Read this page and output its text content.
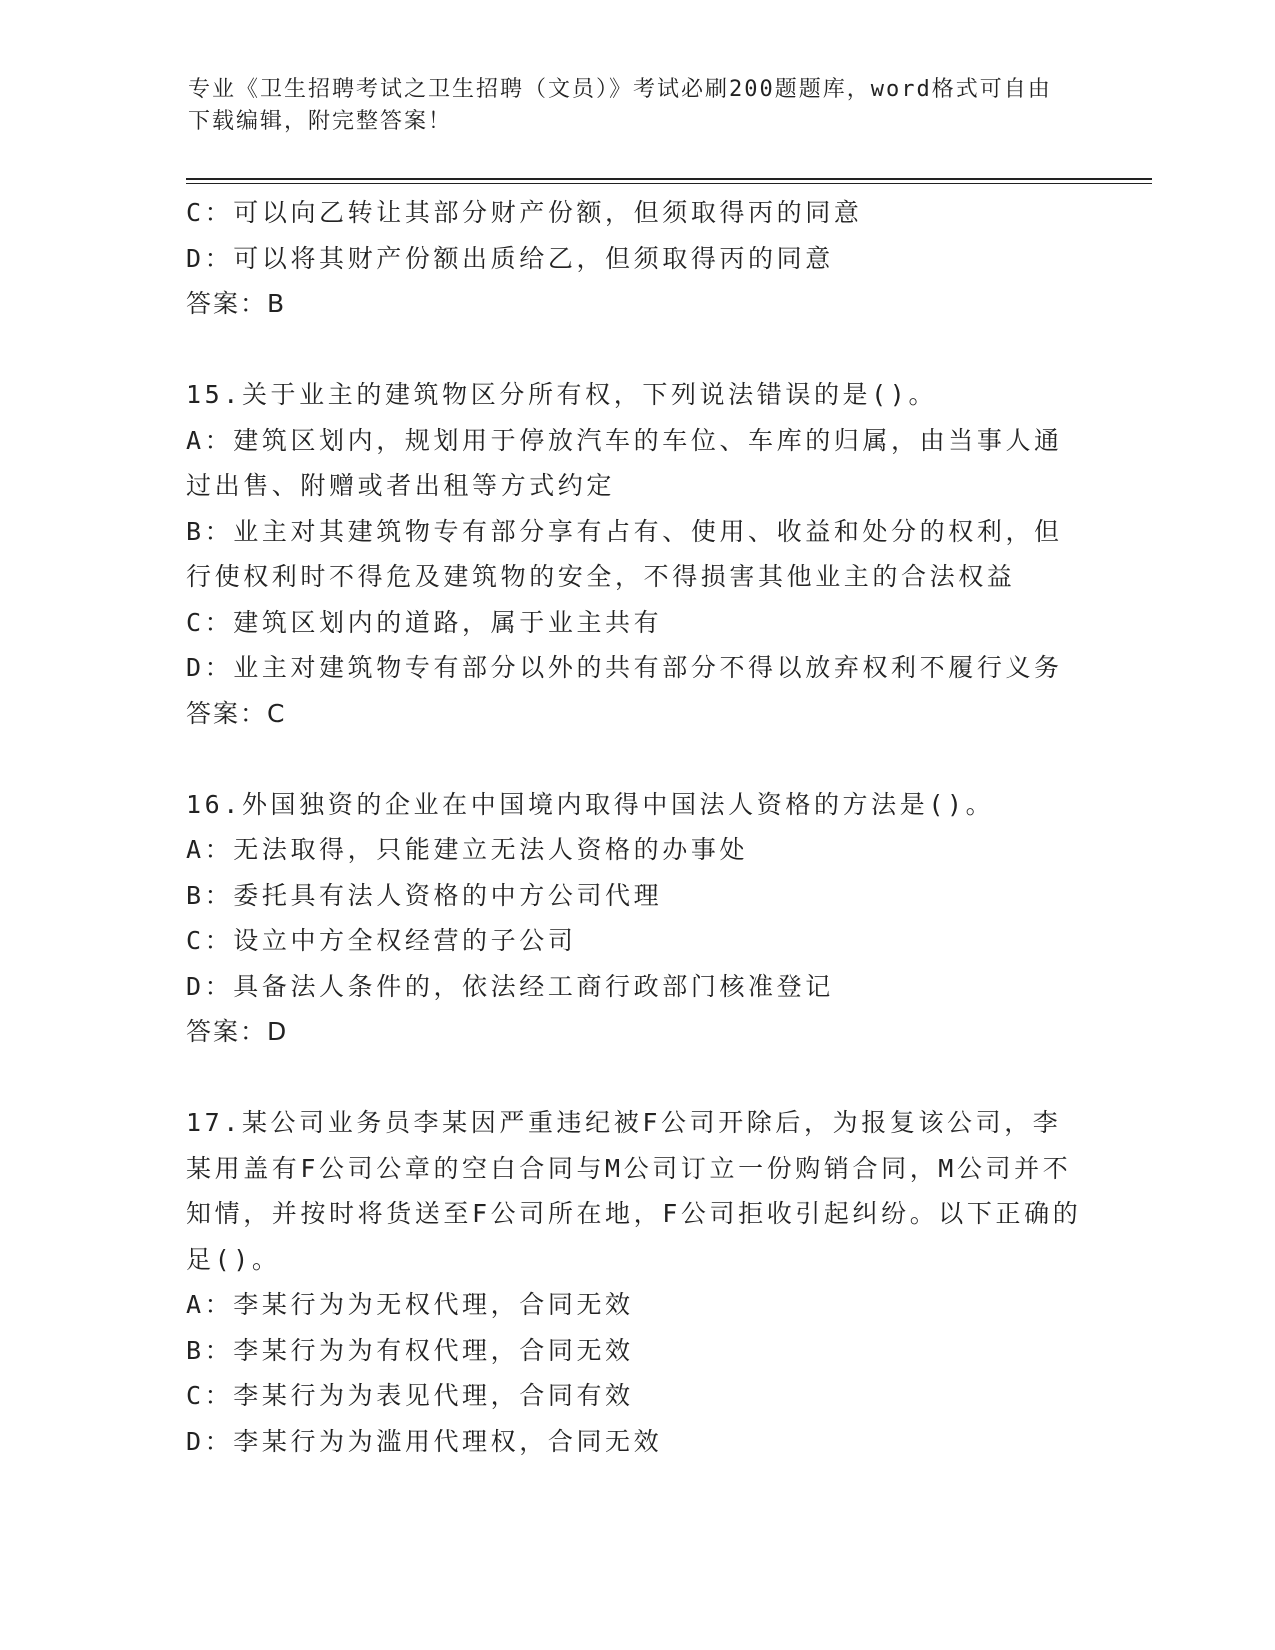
专业《卫生招聘考试之卫生招聘（文员）》考试必刷200题题库，word格式可自由下载编辑，附完整答案！
C：可以向乙转让其部分财产份额，但须取得丙的同意
D：可以将其财产份额出质给乙，但须取得丙的同意
答案：B
15.关于业主的建筑物区分所有权，下列说法错误的是()。
A：建筑区划内，规划用于停放汽车的车位、车库的归属，由当事人通过出售、附赠或者出租等方式约定
B：业主对其建筑物专有部分享有占有、使用、收益和处分的权利，但行使权利时不得危及建筑物的安全，不得损害其他业主的合法权益
C：建筑区划内的道路，属于业主共有
D：业主对建筑物专有部分以外的共有部分不得以放弃权利不履行义务
答案：C
16.外国独资的企业在中国境内取得中国法人资格的方法是()。
A：无法取得，只能建立无法人资格的办事处
B：委托具有法人资格的中方公司代理
C：设立中方全权经营的子公司
D：具备法人条件的，依法经工商行政部门核准登记
答案：D
17.某公司业务员李某因严重违纪被F公司开除后，为报复该公司，李某用盖有F公司公章的空白合同与M公司订立一份购销合同，M公司并不知情，并按时将货送至F公司所在地，F公司拒收引起纠纷。以下正确的足()。
A：李某行为为无权代理，合同无效
B：李某行为为有权代理，合同无效
C：李某行为为表见代理，合同有效
D：李某行为为滥用代理权，合同无效
